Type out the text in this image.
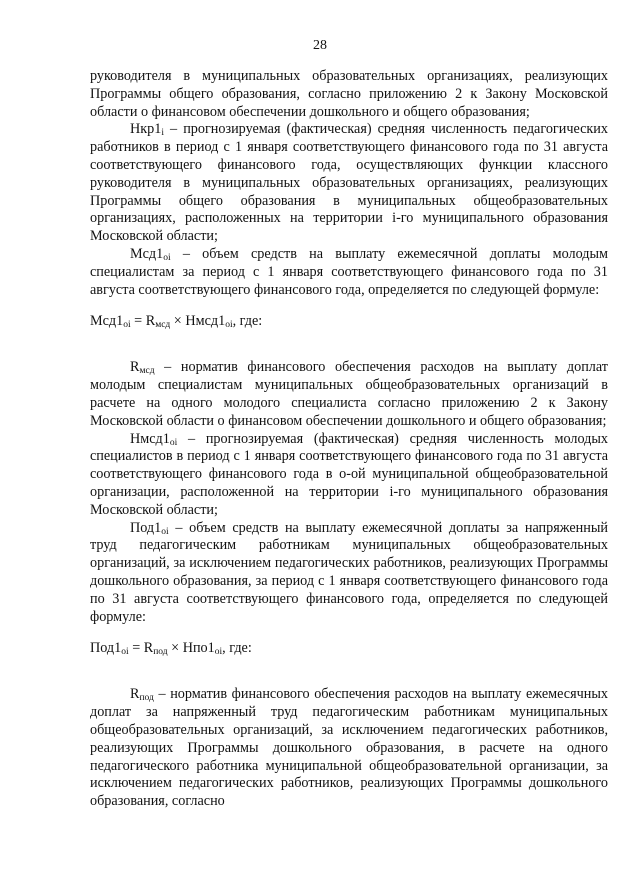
28

руководителя в муниципальных образовательных организациях, реализующих Программы общего образования, согласно приложению 2 к Закону Московской области о финансовом обеспечении дошкольного и общего образования;

$Нкр1_i$ – прогнозируемая (фактическая) средняя численность педагогических работников в период с 1 января соответствующего финансового года по 31 августа соответствующего финансового года, осуществляющих функции классного руководителя в муниципальных образовательных организациях, реализующих Программы общего образования в муниципальных общеобразовательных организациях, расположенных на территории i-го муниципального образования Московской области;

$Мсд1_{oi}$ – объем средств на выплату ежемесячной доплаты молодым специалистам за период с 1 января соответствующего финансового года по 31 августа соответствующего финансового года, определяется по следующей формуле:

$Мсд1_{oi} = R_{мсд}$ × $Нмсд1_{oi}$, где:

$R_{мсд}$ – норматив финансового обеспечения расходов на выплату доплат молодым специалистам муниципальных общеобразовательных организаций в расчете на одного молодого специалиста согласно приложению 2 к Закону Московской области о финансовом обеспечении дошкольного и общего образования;

$Нмсд1_{oi}$ – прогнозируемая (фактическая) средняя численность молодых специалистов в период с 1 января соответствующего финансового года по 31 августа соответствующего финансового года в o-ой муниципальной общеобразовательной организации, расположенной на территории i-го муниципального образования Московской области;

$Под1_{oi}$ – объем средств на выплату ежемесячной доплаты за напряженный труд педагогическим работникам муниципальных общеобразовательных организаций, за исключением педагогических работников, реализующих Программы дошкольного образования, за период с 1 января соответствующего финансового года по 31 августа соответствующего финансового года, определяется по следующей формуле:

$Под1_{oi} = R_{под} \times Нпо1_{oi}$, где:

$R_{под}$ – норматив финансового обеспечения расходов на выплату ежемесячных доплат за напряженный труд педагогическим работникам муниципальных общеобразовательных организаций, за исключением педагогических работников, реализующих Программы дошкольного образования, в расчете на одного педагогического работника муниципальной общеобразовательной организации, за исключением педагогических работников, реализующих Программы дошкольного образования, согласно
